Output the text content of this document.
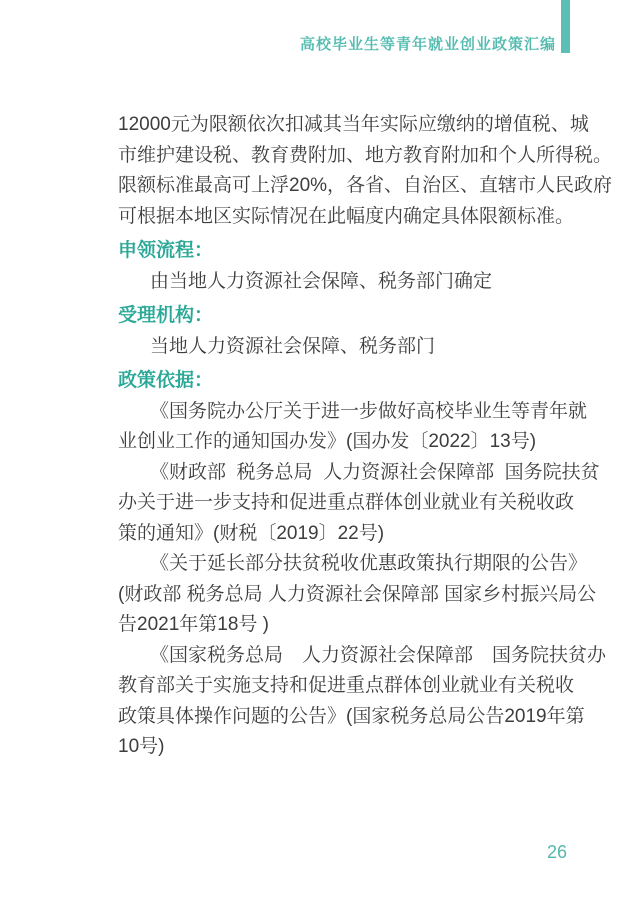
高校毕业生等青年就业创业政策汇编
12000元为限额依次扣减其当年实际应缴纳的增值税、城
市维护建设税、教育费附加、地方教育附加和个人所得税。
限额标准最高可上浮20%，各省、自治区、直辖市人民政府
可根据本地区实际情况在此幅度内确定具体限额标准。
申领流程：
由当地人力资源社会保障、税务部门确定
受理机构：
当地人力资源社会保障、税务部门
政策依据：
《国务院办公厅关于进一步做好高校毕业生等青年就
业创业工作的通知国办发》(国办发〔2022〕13号)
《财政部  税务总局  人力资源社会保障部  国务院扶贫
办关于进一步支持和促进重点群体创业就业有关税收政
策的通知》(财税〔2019〕22号)
《关于延长部分扶贫税收优惠政策执行期限的公告》
(财政部 税务总局 人力资源社会保障部 国家乡村振兴局公
告2021年第18号 )
《国家税务总局　人力资源社会保障部　国务院扶贫办
教育部关于实施支持和促进重点群体创业就业有关税收
政策具体操作问题的公告》(国家税务总局公告2019年第
10号)
26
